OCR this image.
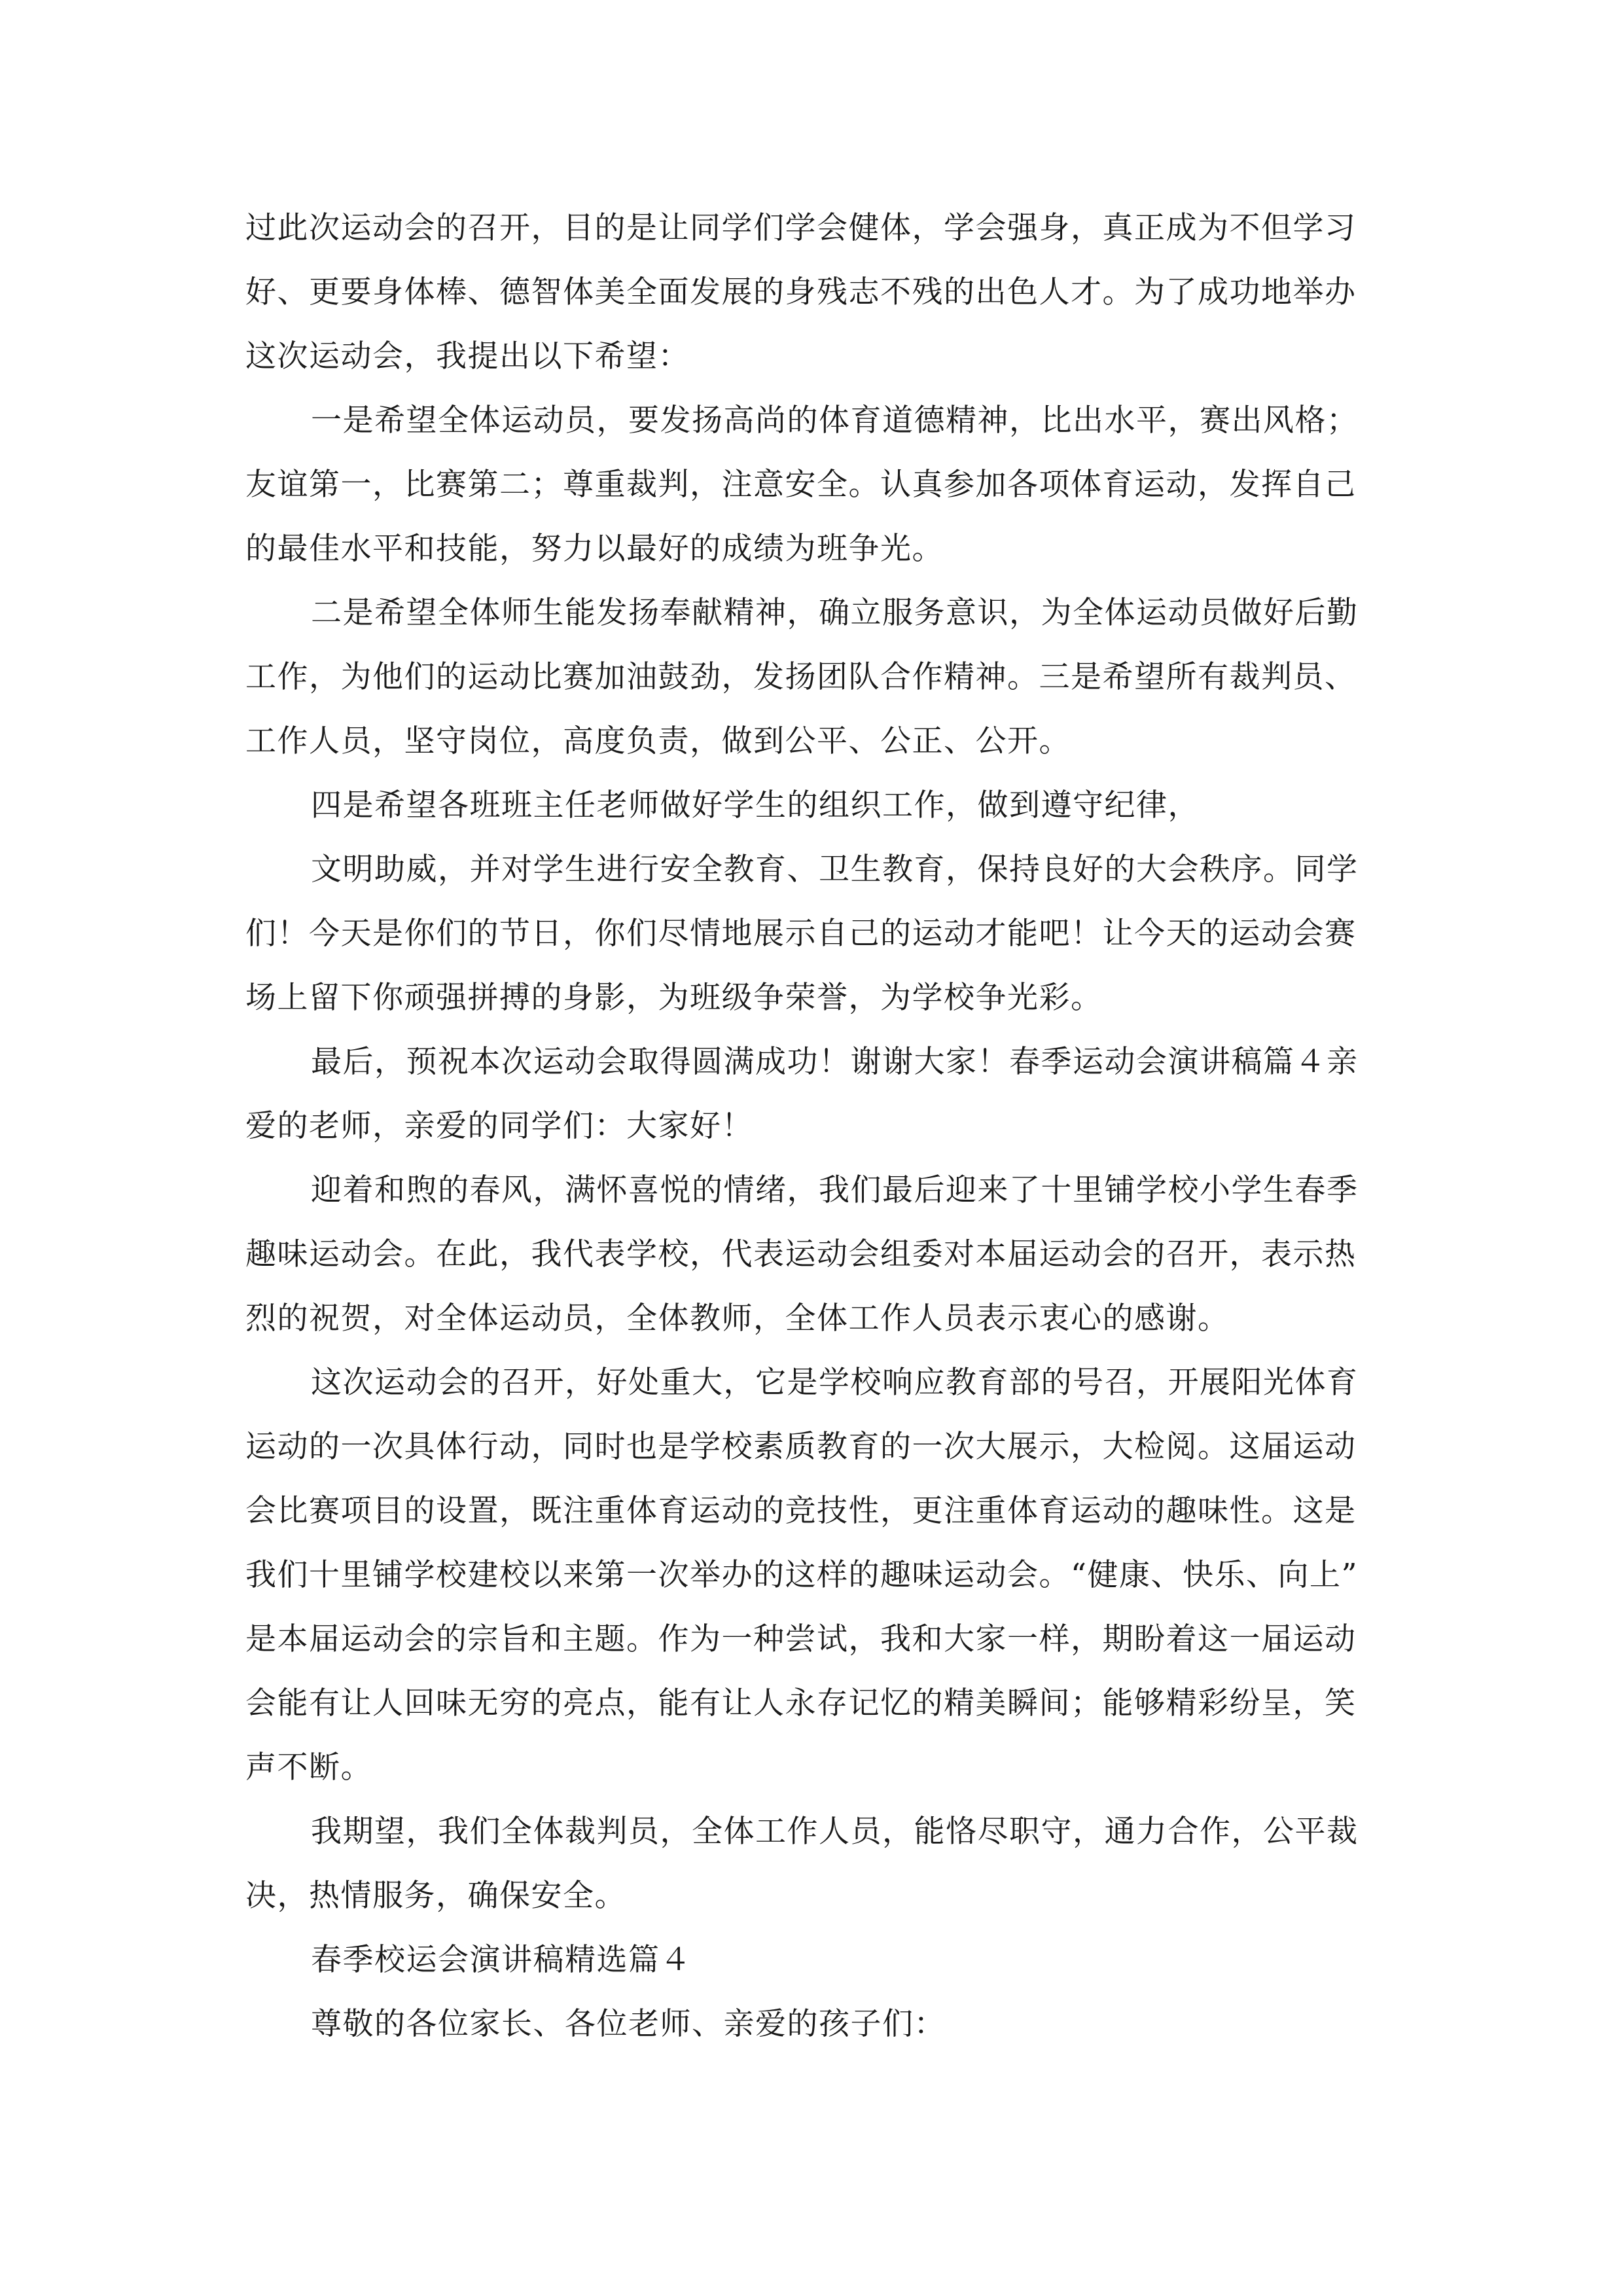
过此次运动会的召开，目的是让同学们学会健体，学会强身，真正成为不但学习
好、更要身体棒、德智体美全面发展的身残志不残的出色人才。为了成功地举办
这次运动会，我提出以下希望：
一是希望全体运动员，要发扬高尚的体育道德精神，比出水平，赛出风格；
友谊第一，比赛第二；尊重裁判，注意安全。认真参加各项体育运动，发挥自己
的最佳水平和技能，努力以最好的成绩为班争光。
二是希望全体师生能发扬奉献精神，确立服务意识，为全体运动员做好后勤
工作，为他们的运动比赛加油鼓劲，发扬团队合作精神。三是希望所有裁判员、
工作人员，坚守岗位，高度负责，做到公平、公正、公开。
四是希望各班班主任老师做好学生的组织工作，做到遵守纪律，
文明助威，并对学生进行安全教育、卫生教育，保持良好的大会秩序。同学
们！今天是你们的节日，你们尽情地展示自己的运动才能吧！让今天的运动会赛
场上留下你顽强拼搏的身影，为班级争荣誉，为学校争光彩。
最后，预祝本次运动会取得圆满成功！谢谢大家！春季运动会演讲稿篇４亲
爱的老师，亲爱的同学们：大家好！
迎着和煦的春风，满怀喜悦的情绪，我们最后迎来了十里铺学校小学生春季
趣味运动会。在此，我代表学校，代表运动会组委对本届运动会的召开，表示热
烈的祝贺，对全体运动员，全体教师，全体工作人员表示衷心的感谢。
这次运动会的召开，好处重大，它是学校响应教育部的号召，开展阳光体育
运动的一次具体行动，同时也是学校素质教育的一次大展示，大检阅。这届运动
会比赛项目的设置，既注重体育运动的竞技性，更注重体育运动的趣味性。这是
我们十里铺学校建校以来第一次举办的这样的趣味运动会。“健康、快乐、向上”
是本届运动会的宗旨和主题。作为一种尝试，我和大家一样，期盼着这一届运动
会能有让人回味无穷的亮点，能有让人永存记忆的精美瞬间；能够精彩纷呈，笑
声不断。
我期望，我们全体裁判员，全体工作人员，能恪尽职守，通力合作，公平裁
决，热情服务，确保安全。
春季校运会演讲稿精选篇４
尊敬的各位家长、各位老师、亲爱的孩子们：
